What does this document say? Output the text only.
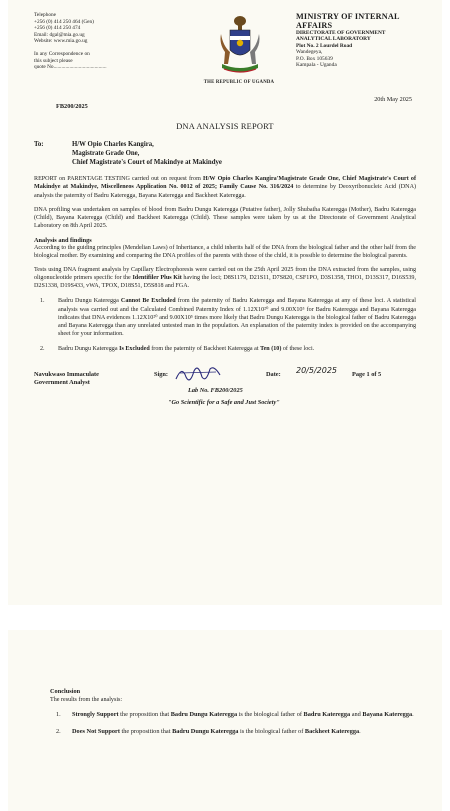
Telephone
+256 (0) 414 250 464 (Gen)
+256 (0) 414 250 474
Email: dgal@mia.go.ug
Website: www.mia.go.ug
In any Correspondence on
this subject please
quote No........................................
THE REPUBLIC OF UGANDA
MINISTRY OF INTERNAL AFFAIRS
DIRECTORATE OF GOVERNMENT
ANALYTICAL LABORATORY
Plot No. 2 Lourdel Road
Wandegeya,
P.O. Box 105639
Kampala - Uganda
20th May 2025
FB200/2025
DNA ANALYSIS REPORT
To:	H/W Opio Charles Kangira,
Magistrate Grade One,
Chief Magistrate's Court of Makindye at Makindye

REPORT on PARENTAGE TESTING carried out on request from H/W Opio Charles Kangira'Magistrate Grade One, Chief Magistrate's Court of Makindye at Makindye, Miscelleneos Application No. 0012 of 2025; Family Cause No. 316/2024 to determine by Deoxyribonucleic Acid (DNA) analysis the paternity of Badru Kateregga, Bayana Kateregga and Backheet Kateregga.

DNA profiling was undertaken on samples of blood from Badru Dungu Kateregga (Putative father), Jolly Shubaiha Kateregga (Mother), Badru Kateregga (Child), Bayana Kateregga (Child) and Backheet Kateregga (Child). These samples were taken by us at the Directorate of Government Analytical Laboratory on 8th April 2025.

Analysis and findings

According to the guiding principles (Mendelian Laws) of Inheritance, a child inherits half of the DNA from the biological father and the other half from the biological mother. By examining and comparing the DNA profiles of the parents with those of the child, it is possible to determine the biological parents.

Tests using DNA fragment analysis by Capillary Electrophoresis were carried out on the 25th April 2025 from the DNA extracted from the samples, using oligonucleotide primers specific for the Identifiler Plus Kit having the loci; D8S1179, D21S11, D7S820, CSF1PO, D3S1358, THO1, D13S317, D16S539, D2S1338, D19S433, vWA, TPOX, D18S51, D5S818 and FGA.

1.	Badru Dungu Kateregga Cannot Be Excluded from the paternity of Badru Kateregga and Bayana Kateregga at any of these loci. A statistical analysis was carried out and the Calculated Combined Paternity Index of 1.12X10²⁰ and 9.00X10⁵ for Badru Kateregga and Bayana Kateregga indicates that DNA evidences 1.12X10²⁰ and 9.00X10⁵ times more likely that Badru Dungu Kateregga is the biological father of Badru Kateregga and Bayana Kateregga than any unrelated untested man in the population. An explanation of the paternity index is provided on the accompanying sheet for your information.
2.	Badru Dungu Kateregga Is Excluded from the paternity of Backheet Kateregga at Ten (10) of these loci.
Navukwaso Immaculate
Government Analyst
Sign:	Date: 20/5/2025 Page 1 of 5
Lab No. FB200/2025
"Go Scientific for a Safe and Just Society"
Conclusion
The results from the analysis:
1.	Strongly Support the proposition that Badru Dungu Kateregga is the biological father of Badru Kateregga and Bayana Kateregga.
2.	Does Not Support the proposition that Badru Dungu Kateregga is the biological father of Backheet Kateregga.
